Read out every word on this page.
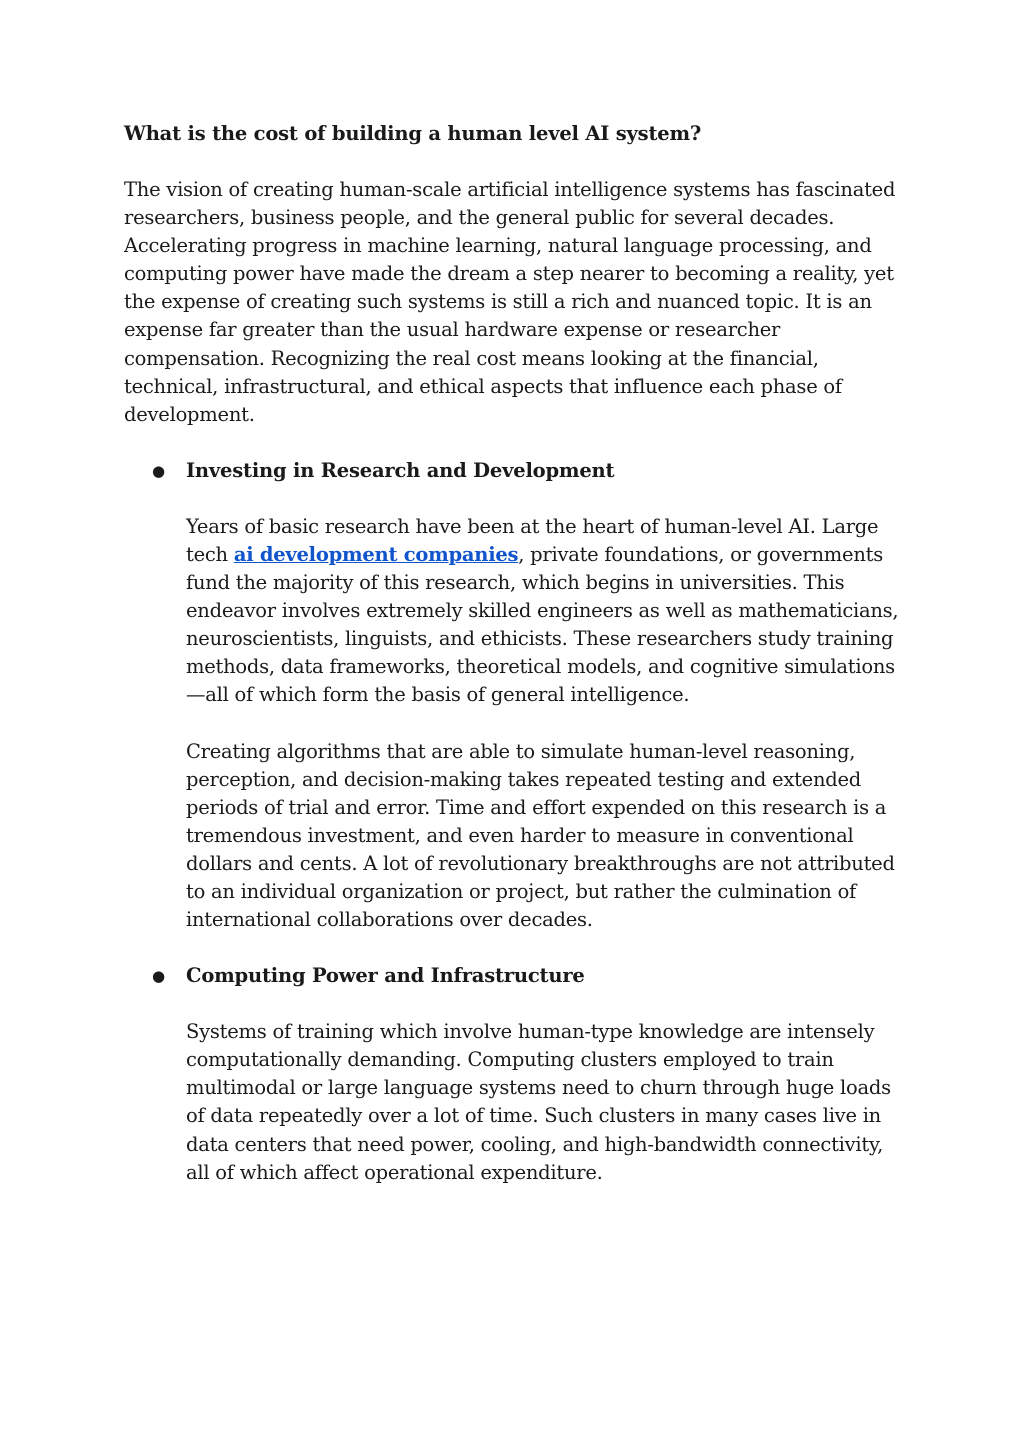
What is the cost of building a human level AI system?

The vision of creating human-scale artificial intelligence systems has fascinated researchers, business people, and the general public for several decades. Accelerating progress in machine learning, natural language processing, and computing power have made the dream a step nearer to becoming a reality, yet the expense of creating such systems is still a rich and nuanced topic. It is an expense far greater than the usual hardware expense or researcher compensation. Recognizing the real cost means looking at the financial, technical, infrastructural, and ethical aspects that influence each phase of development.

● Investing in Research and Development

Years of basic research have been at the heart of human-level AI. Large tech ai development companies, private foundations, or governments fund the majority of this research, which begins in universities. This endeavor involves extremely skilled engineers as well as mathematicians, neuroscientists, linguists, and ethicists. These researchers study training methods, data frameworks, theoretical models, and cognitive simulations—all of which form the basis of general intelligence.

Creating algorithms that are able to simulate human-level reasoning, perception, and decision-making takes repeated testing and extended periods of trial and error. Time and effort expended on this research is a tremendous investment, and even harder to measure in conventional dollars and cents. A lot of revolutionary breakthroughs are not attributed to an individual organization or project, but rather the culmination of international collaborations over decades.

● Computing Power and Infrastructure

Systems of training which involve human-type knowledge are intensely computationally demanding. Computing clusters employed to train multimodal or large language systems need to churn through huge loads of data repeatedly over a lot of time. Such clusters in many cases live in data centers that need power, cooling, and high-bandwidth connectivity, all of which affect operational expenditure.
